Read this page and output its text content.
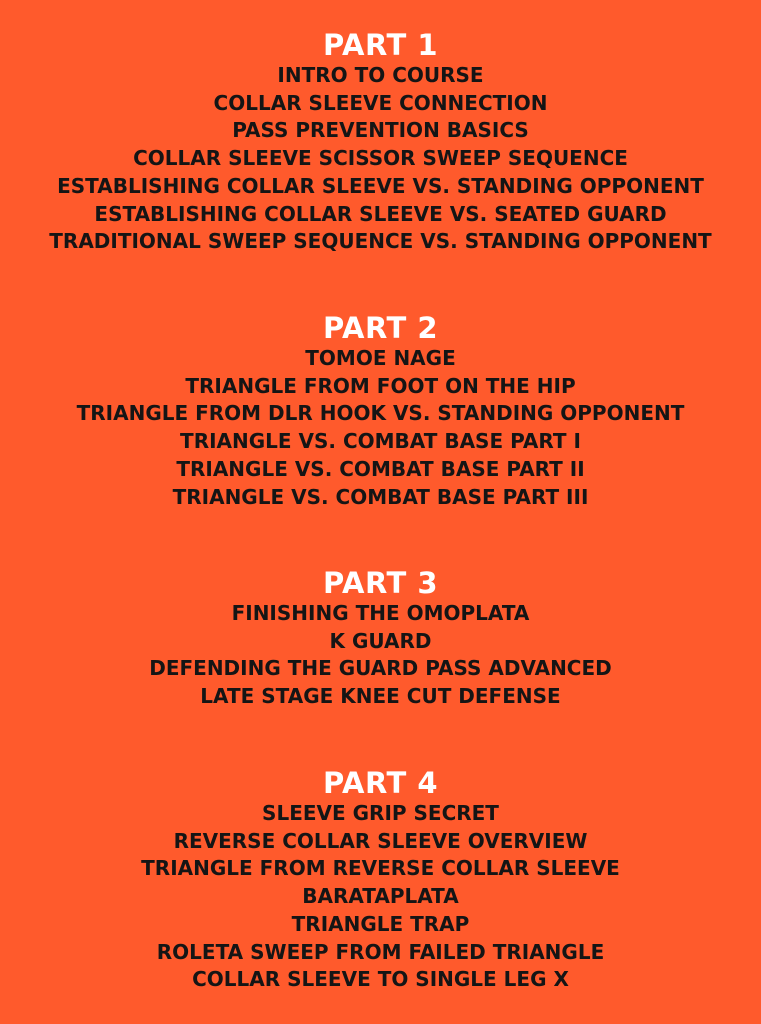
PART 1
INTRO TO COURSE
COLLAR SLEEVE CONNECTION
PASS PREVENTION BASICS
COLLAR SLEEVE SCISSOR SWEEP SEQUENCE
ESTABLISHING COLLAR SLEEVE VS. STANDING OPPONENT
ESTABLISHING COLLAR SLEEVE VS. SEATED GUARD
TRADITIONAL SWEEP SEQUENCE VS. STANDING OPPONENT
PART 2
TOMOE NAGE
TRIANGLE FROM FOOT ON THE HIP
TRIANGLE FROM DLR HOOK VS. STANDING OPPONENT
TRIANGLE VS. COMBAT BASE PART I
TRIANGLE VS. COMBAT BASE PART II
TRIANGLE VS. COMBAT BASE PART III
PART 3
FINISHING THE OMOPLATA
K GUARD
DEFENDING THE GUARD PASS ADVANCED
LATE STAGE KNEE CUT DEFENSE
PART 4
SLEEVE GRIP SECRET
REVERSE COLLAR SLEEVE OVERVIEW
TRIANGLE FROM REVERSE COLLAR SLEEVE
BARATAPLATA
TRIANGLE TRAP
ROLETA SWEEP FROM FAILED TRIANGLE
COLLAR SLEEVE TO SINGLE LEG X
